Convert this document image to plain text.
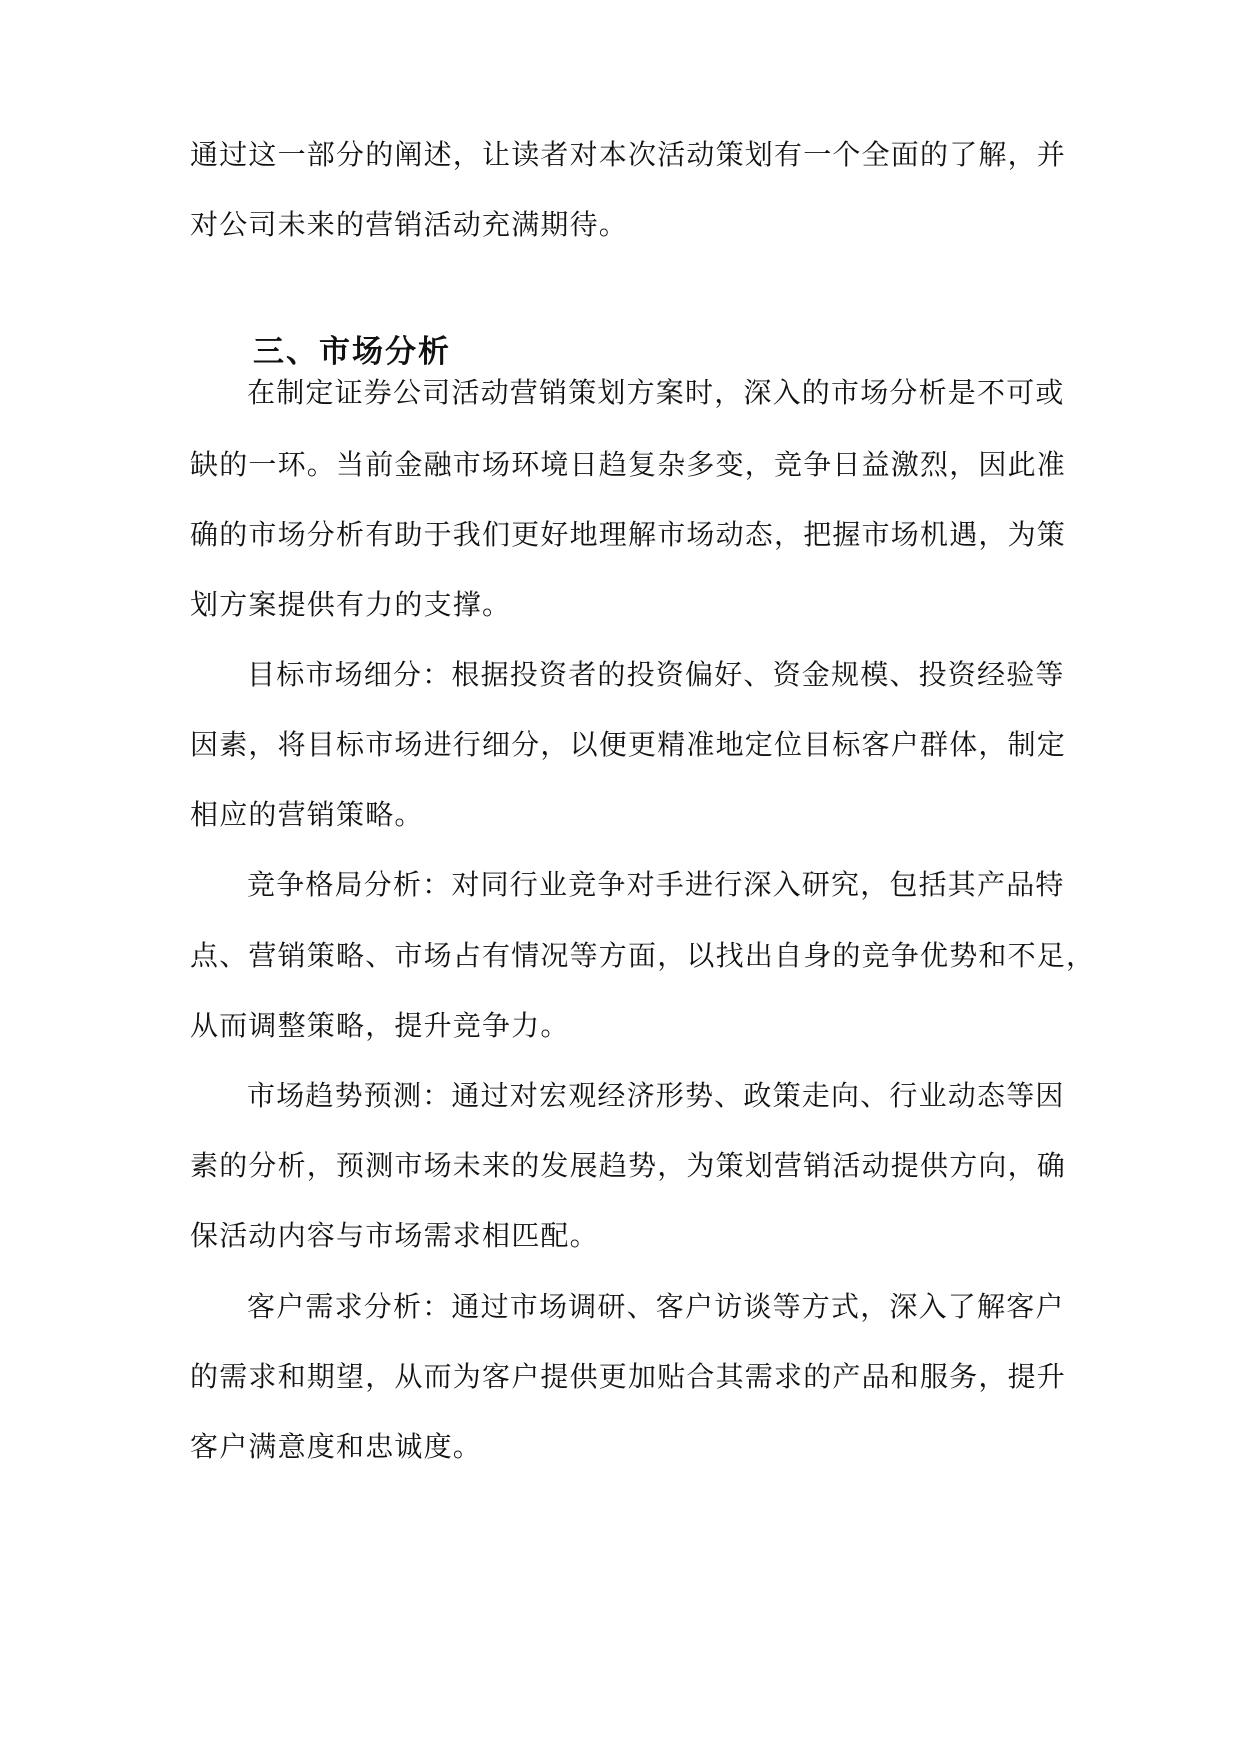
通过这一部分的阐述，让读者对本次活动策划有一个全面的了解，并
对公司未来的营销活动充满期待。
三、市场分析
在制定证券公司活动营销策划方案时，深入的市场分析是不可或
缺的一环。当前金融市场环境日趋复杂多变，竞争日益激烈，因此准
确的市场分析有助于我们更好地理解市场动态，把握市场机遇，为策
划方案提供有力的支撑。
目标市场细分：根据投资者的投资偏好、资金规模、投资经验等
因素，将目标市场进行细分，以便更精准地定位目标客户群体，制定
相应的营销策略。
竞争格局分析：对同行业竞争对手进行深入研究，包括其产品特
点、营销策略、市场占有情况等方面，以找出自身的竞争优势和不足，
从而调整策略，提升竞争力。
市场趋势预测：通过对宏观经济形势、政策走向、行业动态等因
素的分析，预测市场未来的发展趋势，为策划营销活动提供方向，确
保活动内容与市场需求相匹配。
客户需求分析：通过市场调研、客户访谈等方式，深入了解客户
的需求和期望，从而为客户提供更加贴合其需求的产品和服务，提升
客户满意度和忠诚度。
